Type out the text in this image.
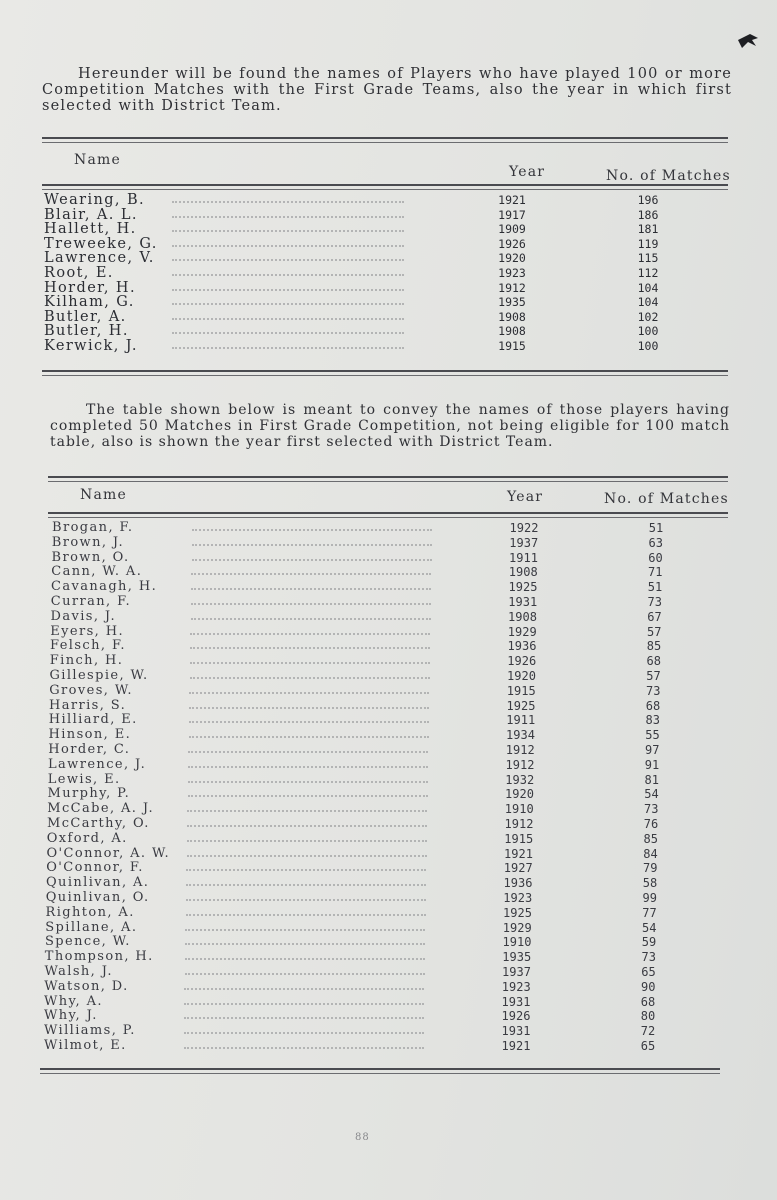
Hereunder will be found the names of Players who have played 100 or more Competition Matches with the First Grade Teams, also the year in which first selected with District Team.
Name
Year	No. of Matches
Wearing, B.	1921	196
Blair, A. L.	1917	186
Hallett, H.	1909	181
Treweeke, G.	1926	119
Lawrence, V.	1920	115
Root, E.	1923	112
Horder, H.	1912	104
Kilham, G.	1935	104
Butler, A.	1908	102
Butler, H.	1908	100
Kerwick, J.	1915	100
The table shown below is meant to convey the names of those players having completed 50 Matches in First Grade Competition, not being eligible for 100 match table, also is shown the year first selected with District Team.
Name	Year	No. of Matches
Brogan, F.	1922	51
Brown, J.	1937	63
Brown, O.	1911	60
Cann, W. A.	1908	71
Cavanagh, H.	1925	51
Curran, F.	1931	73
Davis, J.	1908	67
Eyers, H.	1929	57
Felsch, F.	1936	85
Finch, H.	1926	68
Gillespie, W.	1920	57
Groves, W.	1915	73
Harris, S.	1925	68
Hilliard, E.	1911	83
Hinson, E.	1934	55
Horder, C.	1912	97
Lawrence, J.	1912	91
Lewis, E.	1932	81
Murphy, P.	1920	54
McCabe, A. J.	1910	73
McCarthy, O.	1912	76
Oxford, A.	1915	85
O'Connor, A. W.	1921	84
O'Connor, F.	1927	79
Quinlivan, A.	1936	58
Quinlivan, O.	1923	99
Righton, A.	1925	77
Spillane, A.	1929	54
Spence, W.	1910	59
Thompson, H.	1935	73
Walsh, J.	1937	65
Watson, D.	1923	90
Why, A.	1931	68
Why, J.	1926	80
Williams, P.	1931	72
Wilmot, E.	1921	65
88
